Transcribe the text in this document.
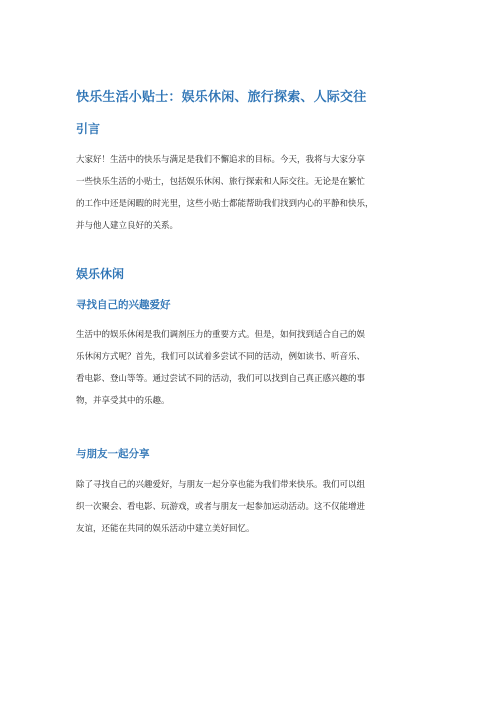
快乐生活小贴士：娱乐休闲、旅行探索、人际交往
引言
大家好！生活中的快乐与满足是我们不懈追求的目标。今天，我将与大家分享
一些快乐生活的小贴士，包括娱乐休闲、旅行探索和人际交往。无论是在繁忙
的工作中还是闲暇的时光里，这些小贴士都能帮助我们找到内心的平静和快乐，
并与他人建立良好的关系。
娱乐休闲
寻找自己的兴趣爱好
生活中的娱乐休闲是我们调剂压力的重要方式。但是，如何找到适合自己的娱
乐休闲方式呢？首先，我们可以试着多尝试不同的活动，例如读书、听音乐、
看电影、登山等等。通过尝试不同的活动，我们可以找到自己真正感兴趣的事
物，并享受其中的乐趣。
与朋友一起分享
除了寻找自己的兴趣爱好，与朋友一起分享也能为我们带来快乐。我们可以组
织一次聚会、看电影、玩游戏，或者与朋友一起参加运动活动。这不仅能增进
友谊，还能在共同的娱乐活动中建立美好回忆。
